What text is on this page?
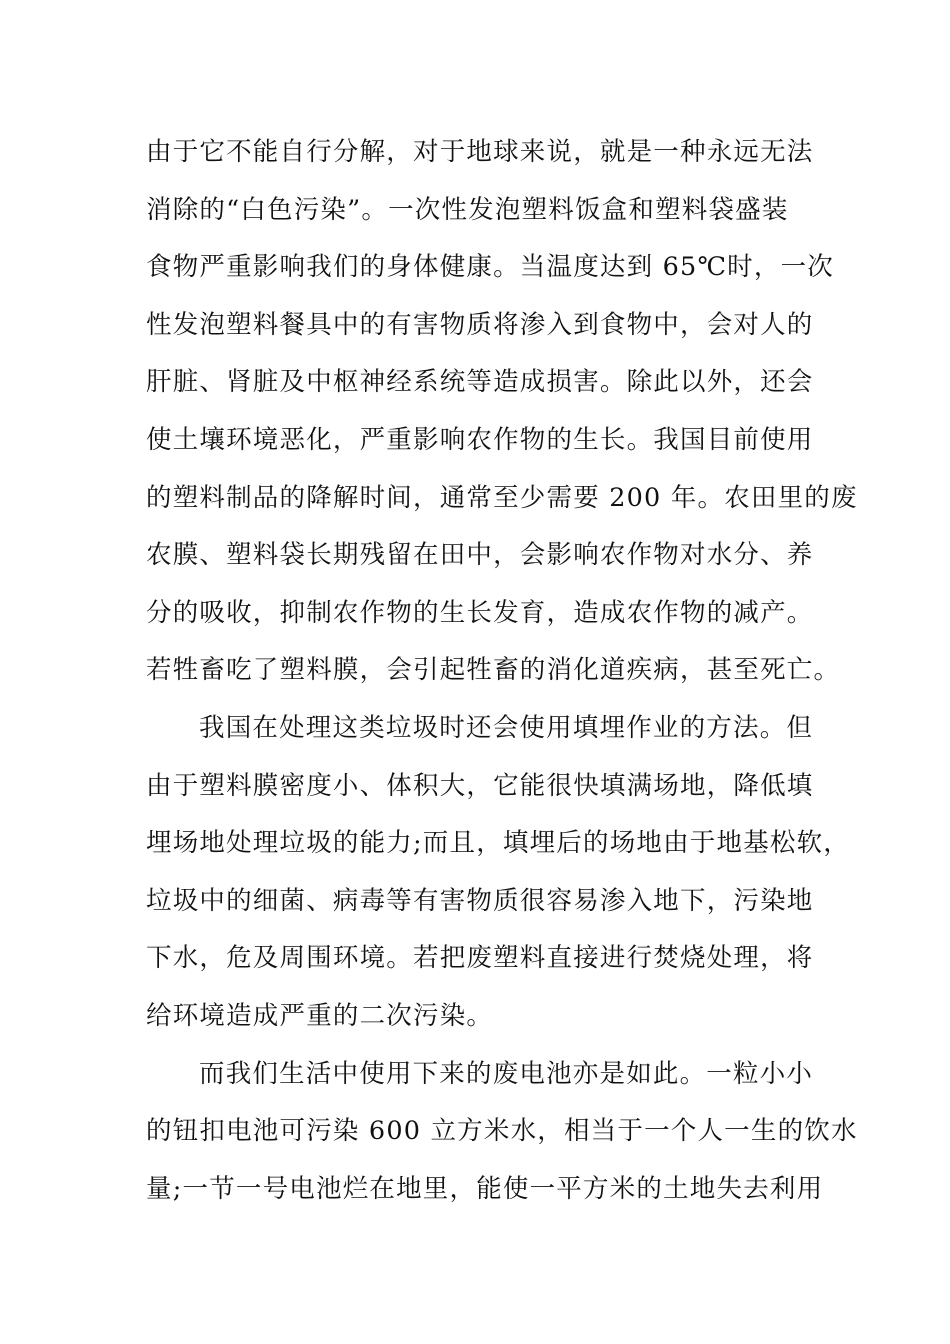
由于它不能自行分解，对于地球来说，就是一种永远无法
消除的“白色污染”。一次性发泡塑料饭盒和塑料袋盛装
食物严重影响我们的身体健康。当温度达到 65℃时，一次
性发泡塑料餐具中的有害物质将渗入到食物中，会对人的
肝脏、肾脏及中枢神经系统等造成损害。除此以外，还会
使土壤环境恶化，严重影响农作物的生长。我国目前使用
的塑料制品的降解时间，通常至少需要 200 年。农田里的废
农膜、塑料袋长期残留在田中，会影响农作物对水分、养
分的吸收，抑制农作物的生长发育，造成农作物的减产。
若牲畜吃了塑料膜，会引起牲畜的消化道疾病，甚至死亡。
我国在处理这类垃圾时还会使用填埋作业的方法。但
由于塑料膜密度小、体积大，它能很快填满场地，降低填
埋场地处理垃圾的能力;而且，填埋后的场地由于地基松软，
垃圾中的细菌、病毒等有害物质很容易渗入地下，污染地
下水，危及周围环境。若把废塑料直接进行焚烧处理，将
给环境造成严重的二次污染。
而我们生活中使用下来的废电池亦是如此。一粒小小
的钮扣电池可污染 600 立方米水，相当于一个人一生的饮水
量;一节一号电池烂在地里，能使一平方米的土地失去利用
